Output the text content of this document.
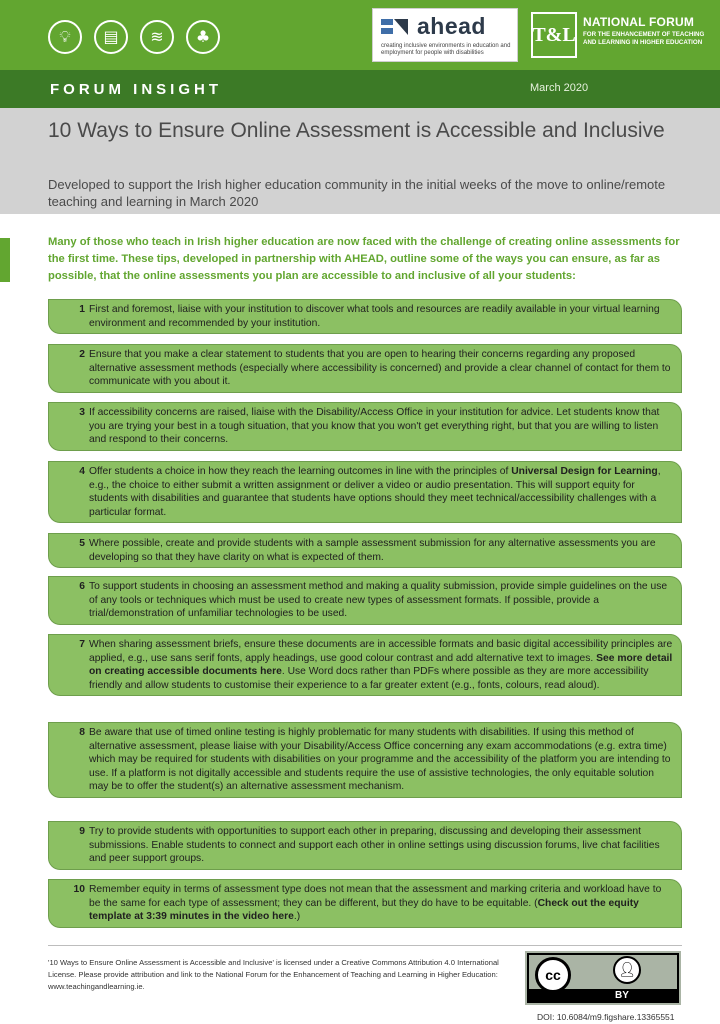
💡︎	▤	≋	♣	ahead
creating inclusive environments in education and employment for people with disabilities
T&L
NATIONAL FORUM
FOR THE ENHANCEMENT OF TEACHING AND LEARNING IN HIGHER EDUCATION
FORUM INSIGHT	March 2020
10 Ways to Ensure Online Assessment is Accessible and Inclusive
Developed to support the Irish higher education community in the initial weeks of the move to online/remote teaching and learning in March 2020
Many of those who teach in Irish higher education are now faced with the challenge of creating online assessments for the first time. These tips, developed in partnership with AHEAD, outline some of the ways you can ensure, as far as possible, that the online assessments you plan are accessible to and inclusive of all your students:
1 First and foremost, liaise with your institution to discover what tools and resources are readily available in your virtual learning environment and recommended by your institution.
2 Ensure that you make a clear statement to students that you are open to hearing their concerns regarding any proposed alternative assessment methods (especially where accessibility is concerned) and provide a clear channel of contact for them to communicate with you about it.
3 If accessibility concerns are raised, liaise with the Disability/Access Office in your institution for advice. Let students know that you are trying your best in a tough situation, that you know that you won't get everything right, but that you are willing to listen and respond to their concerns.
4 Offer students a choice in how they reach the learning outcomes in line with the principles of Universal Design for Learning, e.g., the choice to either submit a written assignment or deliver a video or audio presentation. This will support equity for students with disabilities and guarantee that students have options should they meet technical/accessibility challenges with a particular format.
5 Where possible, create and provide students with a sample assessment submission for any alternative assessments you are developing so that they have clarity on what is expected of them.
6 To support students in choosing an assessment method and making a quality submission, provide simple guidelines on the use of any tools or techniques which must be used to create new types of assessment formats. If possible, provide a trial/demonstration of unfamiliar technologies to be used.
7 When sharing assessment briefs, ensure these documents are in accessible formats and basic digital accessibility principles are applied, e.g., use sans serif fonts, apply headings, use good colour contrast and add alternative text to images. See more detail on creating accessible documents here. Use Word docs rather than PDFs where possible as they are more accessibility friendly and allow students to customise their experience to a far greater extent (e.g., fonts, colours, read aloud).
8 Be aware that use of timed online testing is highly problematic for many students with disabilities. If using this method of alternative assessment, please liaise with your Disability/Access Office concerning any exam accommodations (e.g. extra time) which may be required for students with disabilities on your programme and the accessibility of the platform you are intending to use. If a platform is not digitally accessible and students require the use of assistive technologies, the only equitable solution may be to offer the student(s) an alternative assessment mechanism.
9 Try to provide students with opportunities to support each other in preparing, discussing and developing their assessment submissions. Enable students to connect and support each other in online settings using discussion forums, live chat facilities and peer support groups.
10 Remember equity in terms of assessment type does not mean that the assessment and marking criteria and workload have to be the same for each type of assessment; they can be different, but they do have to be equitable. (Check out the equity template at 3:39 minutes in the video here.)
'10 Ways to Ensure Online Assessment is Accessible and Inclusive' is licensed under a Creative Commons Attribution 4.0 International License. Please provide attribution and link to the National Forum for the Enhancement of Teaching and Learning in Higher Education: www.teachingandlearning.ie.
cc	👤︎
BY
DOI: 10.6084/m9.figshare.13365551
